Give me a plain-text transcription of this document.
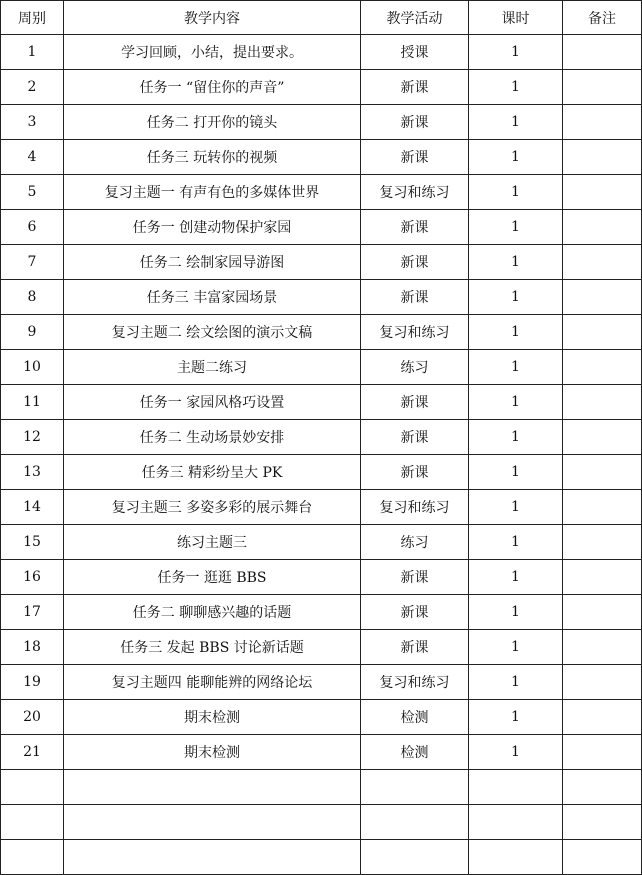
周别	教学内容	教学活动	课时	备注
1	学习回顾，小结，提出要求。	授课	1	
2	任务一 “留住你的声音”	新课	1	
3	任务二 打开你的镜头	新课	1	
4	任务三 玩转你的视频	新课	1	
5	复习主题一 有声有色的多媒体世界	复习和练习	1	
6	任务一 创建动物保护家园	新课	1	
7	任务二 绘制家园导游图	新课	1	
8	任务三 丰富家园场景	新课	1	
9	复习主题二 绘文绘图的演示文稿	复习和练习	1	
10	主题二练习	练习	1	
11	任务一 家园风格巧设置	新课	1	
12	任务二 生动场景妙安排	新课	1	
13	任务三 精彩纷呈大 PK	新课	1	
14	复习主题三 多姿多彩的展示舞台	复习和练习	1	
15	练习主题三	练习	1	
16	任务一 逛逛 BBS	新课	1	
17	任务二 聊聊感兴趣的话题	新课	1	
18	任务三 发起 BBS 讨论新话题	新课	1	
19	复习主题四 能聊能辨的网络论坛	复习和练习	1	
20	期末检测	检测	1	
21	期末检测	检测	1	
